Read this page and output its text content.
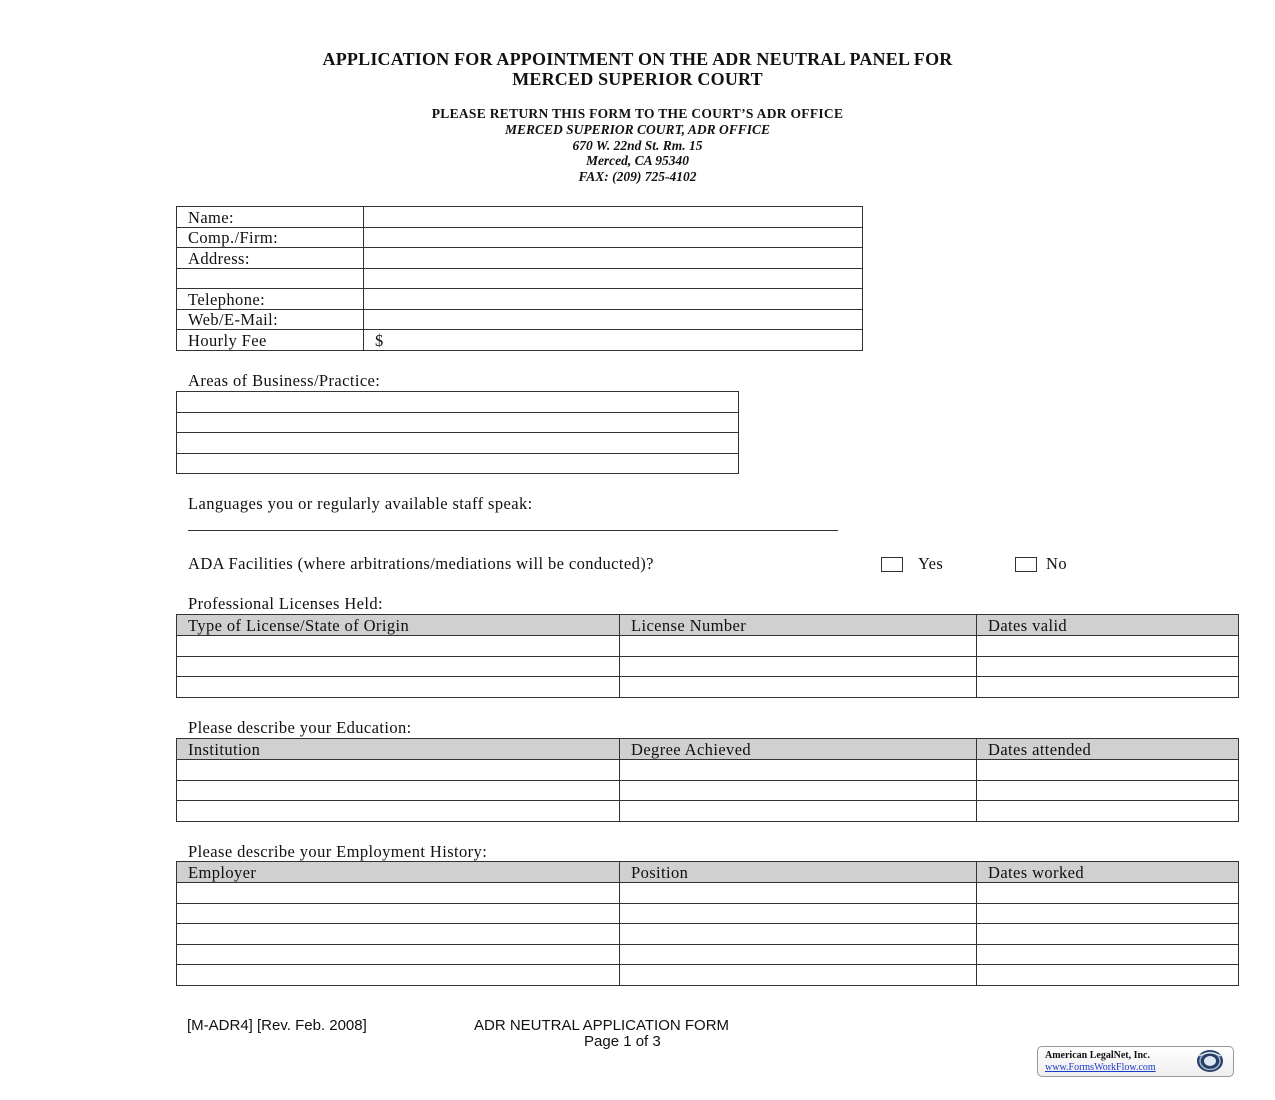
APPLICATION FOR APPOINTMENT ON THE ADR NEUTRAL PANEL FOR
MERCED SUPERIOR COURT
PLEASE RETURN THIS FORM TO THE COURT’S ADR OFFICE
MERCED SUPERIOR COURT, ADR OFFICE
670 W. 22nd St. Rm. 15
Merced, CA 95340
FAX: (209) 725-4102
Name:	
Comp./Firm:	
Address:	

Telephone:	
Web/E-Mail:	
Hourly Fee	$
Areas of Business/Practice:

Languages you or regularly available staff speak:
ADA Facilities (where arbitrations/mediations will be conducted)?	Yes	No
Professional Licenses Held:
Type of License/State of Origin	License Number	Dates valid

Please describe your Education:
Institution	Degree Achieved	Dates attended

Please describe your Employment History:
Employer	Position	Dates worked

[M-ADR4] [Rev. Feb. 2008]	ADR NEUTRAL APPLICATION FORM
Page 1 of 3
American LegalNet, Inc.
www.FormsWorkFlow.com
